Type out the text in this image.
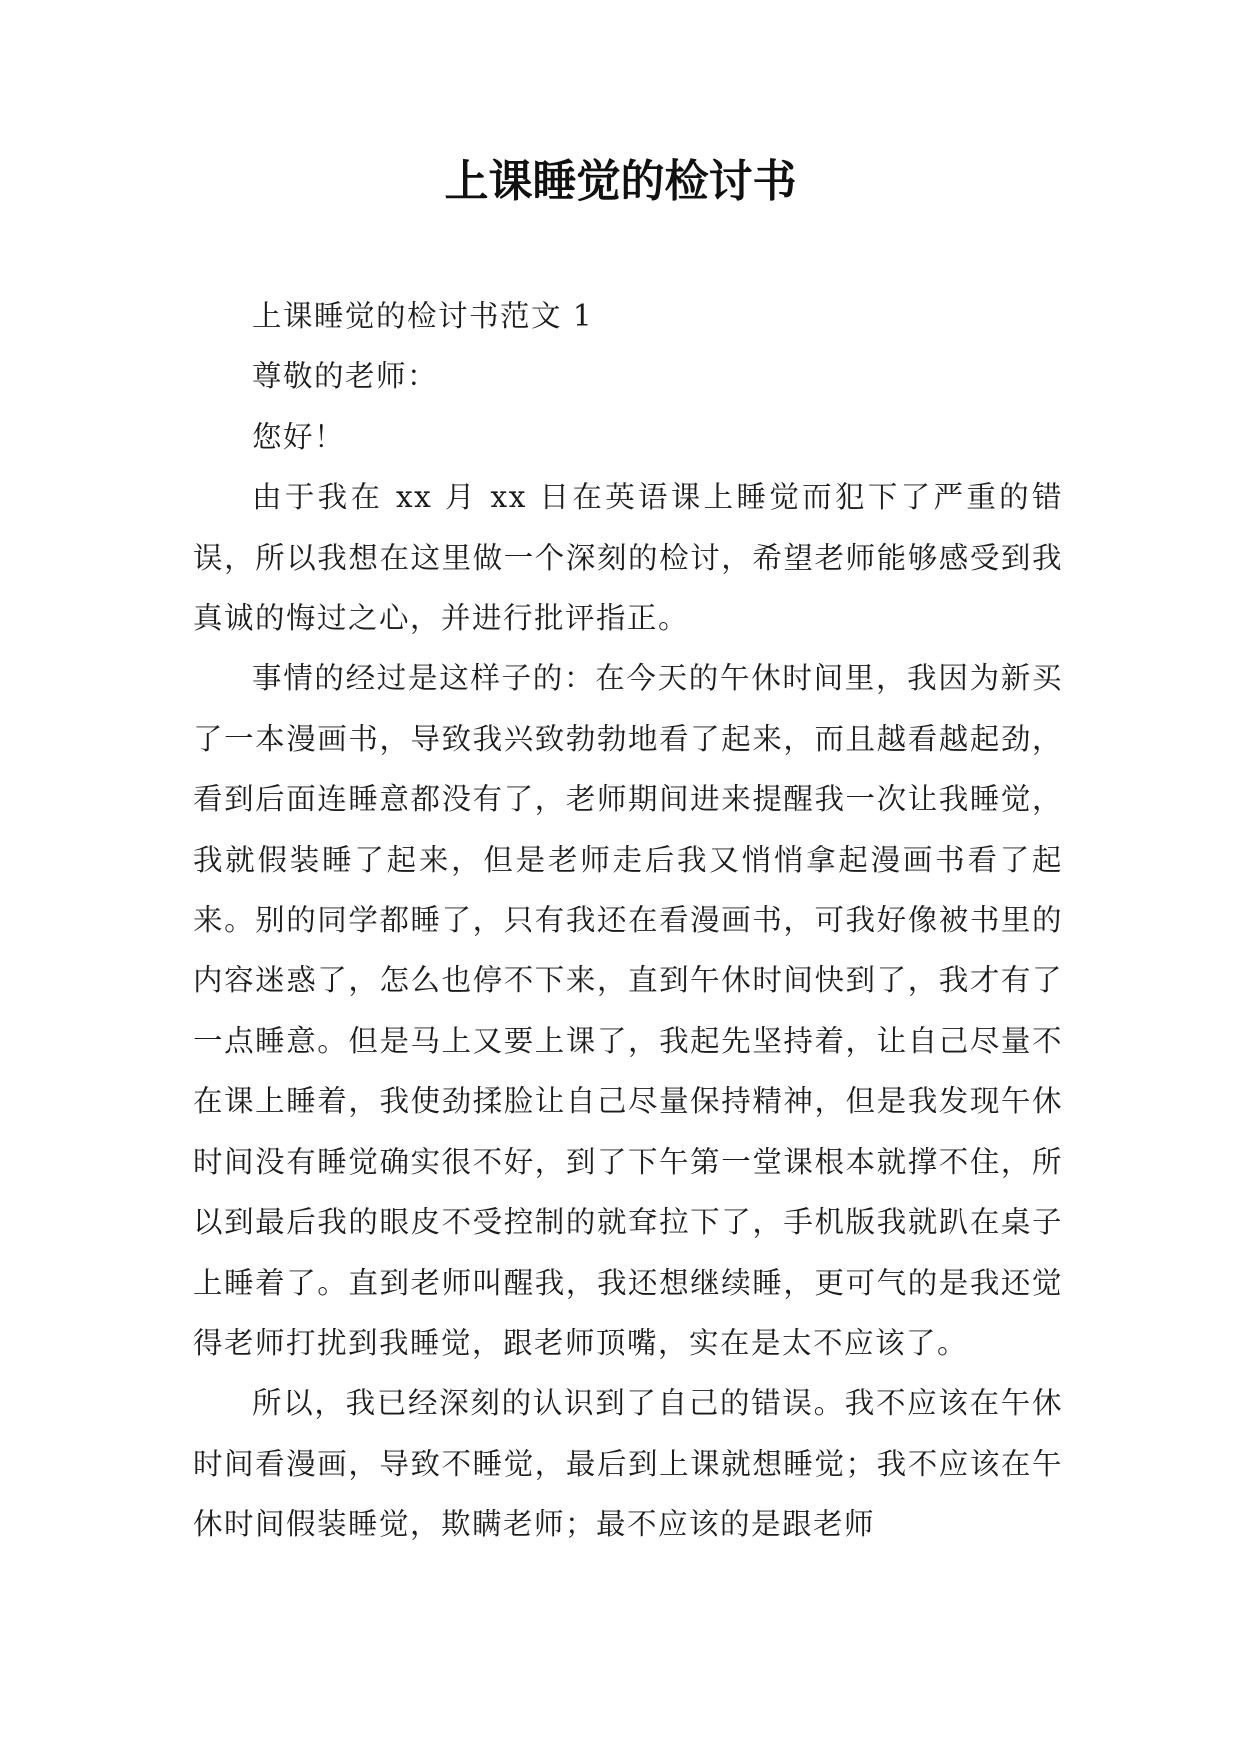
上课睡觉的检讨书

上课睡觉的检讨书范文 1

尊敬的老师：

您好！

由于我在 xx 月 xx 日在英语课上睡觉而犯下了严重的错误，所以我想在这里做一个深刻的检讨，希望老师能够感受到我真诚的悔过之心，并进行批评指正。

事情的经过是这样子的：在今天的午休时间里，我因为新买了一本漫画书，导致我兴致勃勃地看了起来，而且越看越起劲，看到后面连睡意都没有了，老师期间进来提醒我一次让我睡觉，我就假装睡了起来，但是老师走后我又悄悄拿起漫画书看了起来。别的同学都睡了，只有我还在看漫画书，可我好像被书里的内容迷惑了，怎么也停不下来，直到午休时间快到了，我才有了一点睡意。但是马上又要上课了，我起先坚持着，让自己尽量不在课上睡着，我使劲揉脸让自己尽量保持精神，但是我发现午休时间没有睡觉确实很不好，到了下午第一堂课根本就撑不住，所以到最后我的眼皮不受控制的就耷拉下了，手机版我就趴在桌子上睡着了。直到老师叫醒我，我还想继续睡，更可气的是我还觉得老师打扰到我睡觉，跟老师顶嘴，实在是太不应该了。

所以，我已经深刻的认识到了自己的错误。我不应该在午休时间看漫画，导致不睡觉，最后到上课就想睡觉；我不应该在午休时间假装睡觉，欺瞒老师；最不应该的是跟老师
